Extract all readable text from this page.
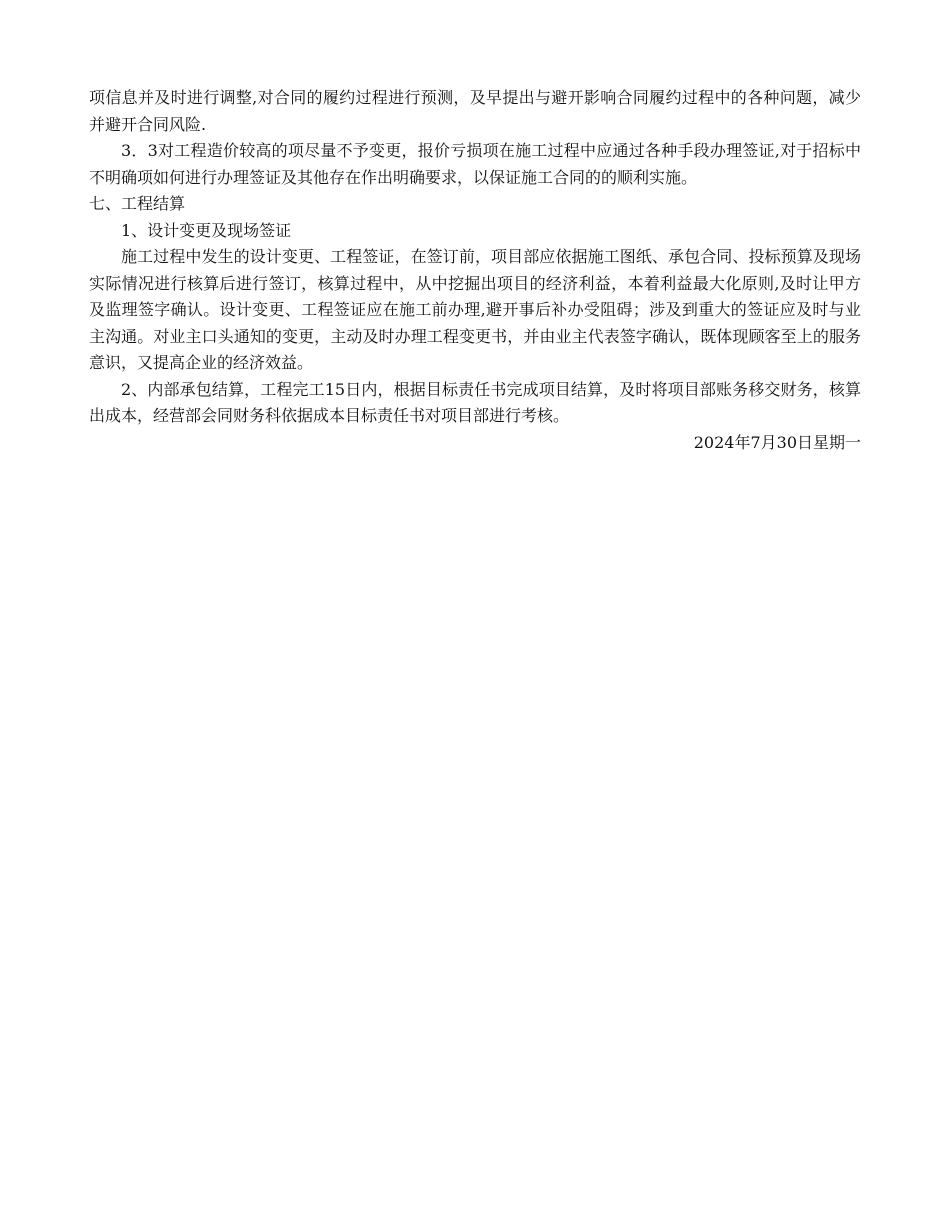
项信息并及时进行调整,对合同的履约过程进行预测，及早提出与避开影响合同履约过程中的各种问题，减少并避开合同风险.

3．3对工程造价较高的项尽量不予变更，报价亏损项在施工过程中应通过各种手段办理签证,对于招标中不明确项如何进行办理签证及其他存在作出明确要求，以保证施工合同的的顺利实施。

七、工程结算

1、设计变更及现场签证

施工过程中发生的设计变更、工程签证，在签订前，项目部应依据施工图纸、承包合同、投标预算及现场实际情况进行核算后进行签订，核算过程中，从中挖掘出项目的经济利益，本着利益最大化原则,及时让甲方及监理签字确认。设计变更、工程签证应在施工前办理,避开事后补办受阻碍；涉及到重大的签证应及时与业主沟通。对业主口头通知的变更，主动及时办理工程变更书，并由业主代表签字确认，既体现顾客至上的服务意识，又提高企业的经济效益。

2、内部承包结算，工程完工15日内，根据目标责任书完成项目结算，及时将项目部账务移交财务，核算出成本，经营部会同财务科依据成本目标责任书对项目部进行考核。

2024年7月30日星期一
